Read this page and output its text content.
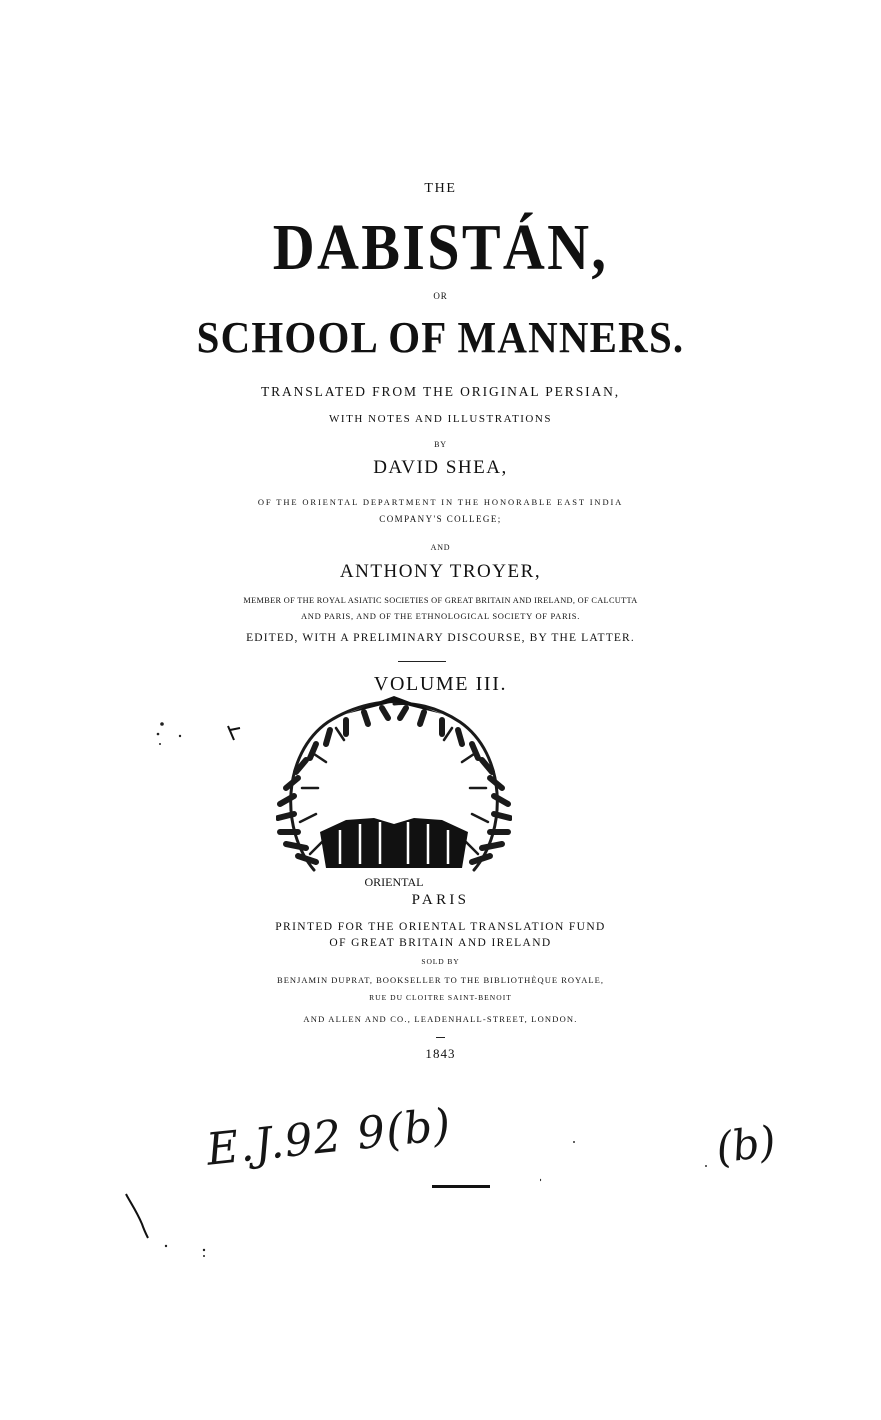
THE
DABISTÁN,
OR
SCHOOL OF MANNERS.
TRANSLATED FROM THE ORIGINAL PERSIAN,
WITH NOTES AND ILLUSTRATIONS
BY
DAVID SHEA,
OF THE ORIENTAL DEPARTMENT IN THE HONORABLE EAST INDIA
COMPANY'S COLLEGE;
AND
ANTHONY TROYER,
MEMBER OF THE ROYAL ASIATIC SOCIETIES OF GREAT BRITAIN AND IRELAND, OF CALCUTTA
AND PARIS, AND OF THE ETHNOLOGICAL SOCIETY OF PARIS.
EDITED, WITH A PRELIMINARY DISCOURSE, BY THE LATTER.
VOLUME III.
ORIENTAL
PARIS
PRINTED FOR THE ORIENTAL TRANSLATION FUND
OF GREAT BRITAIN AND IRELAND
SOLD BY
BENJAMIN DUPRAT, BOOKSELLER TO THE BIBLIOTHÈQUE ROYALE,
RUE DU CLOITRE SAINT-BENOIT
AND ALLEN AND CO., LEADENHALL-STREET, LONDON.
1843
E.J.92 9(b)	(b)
